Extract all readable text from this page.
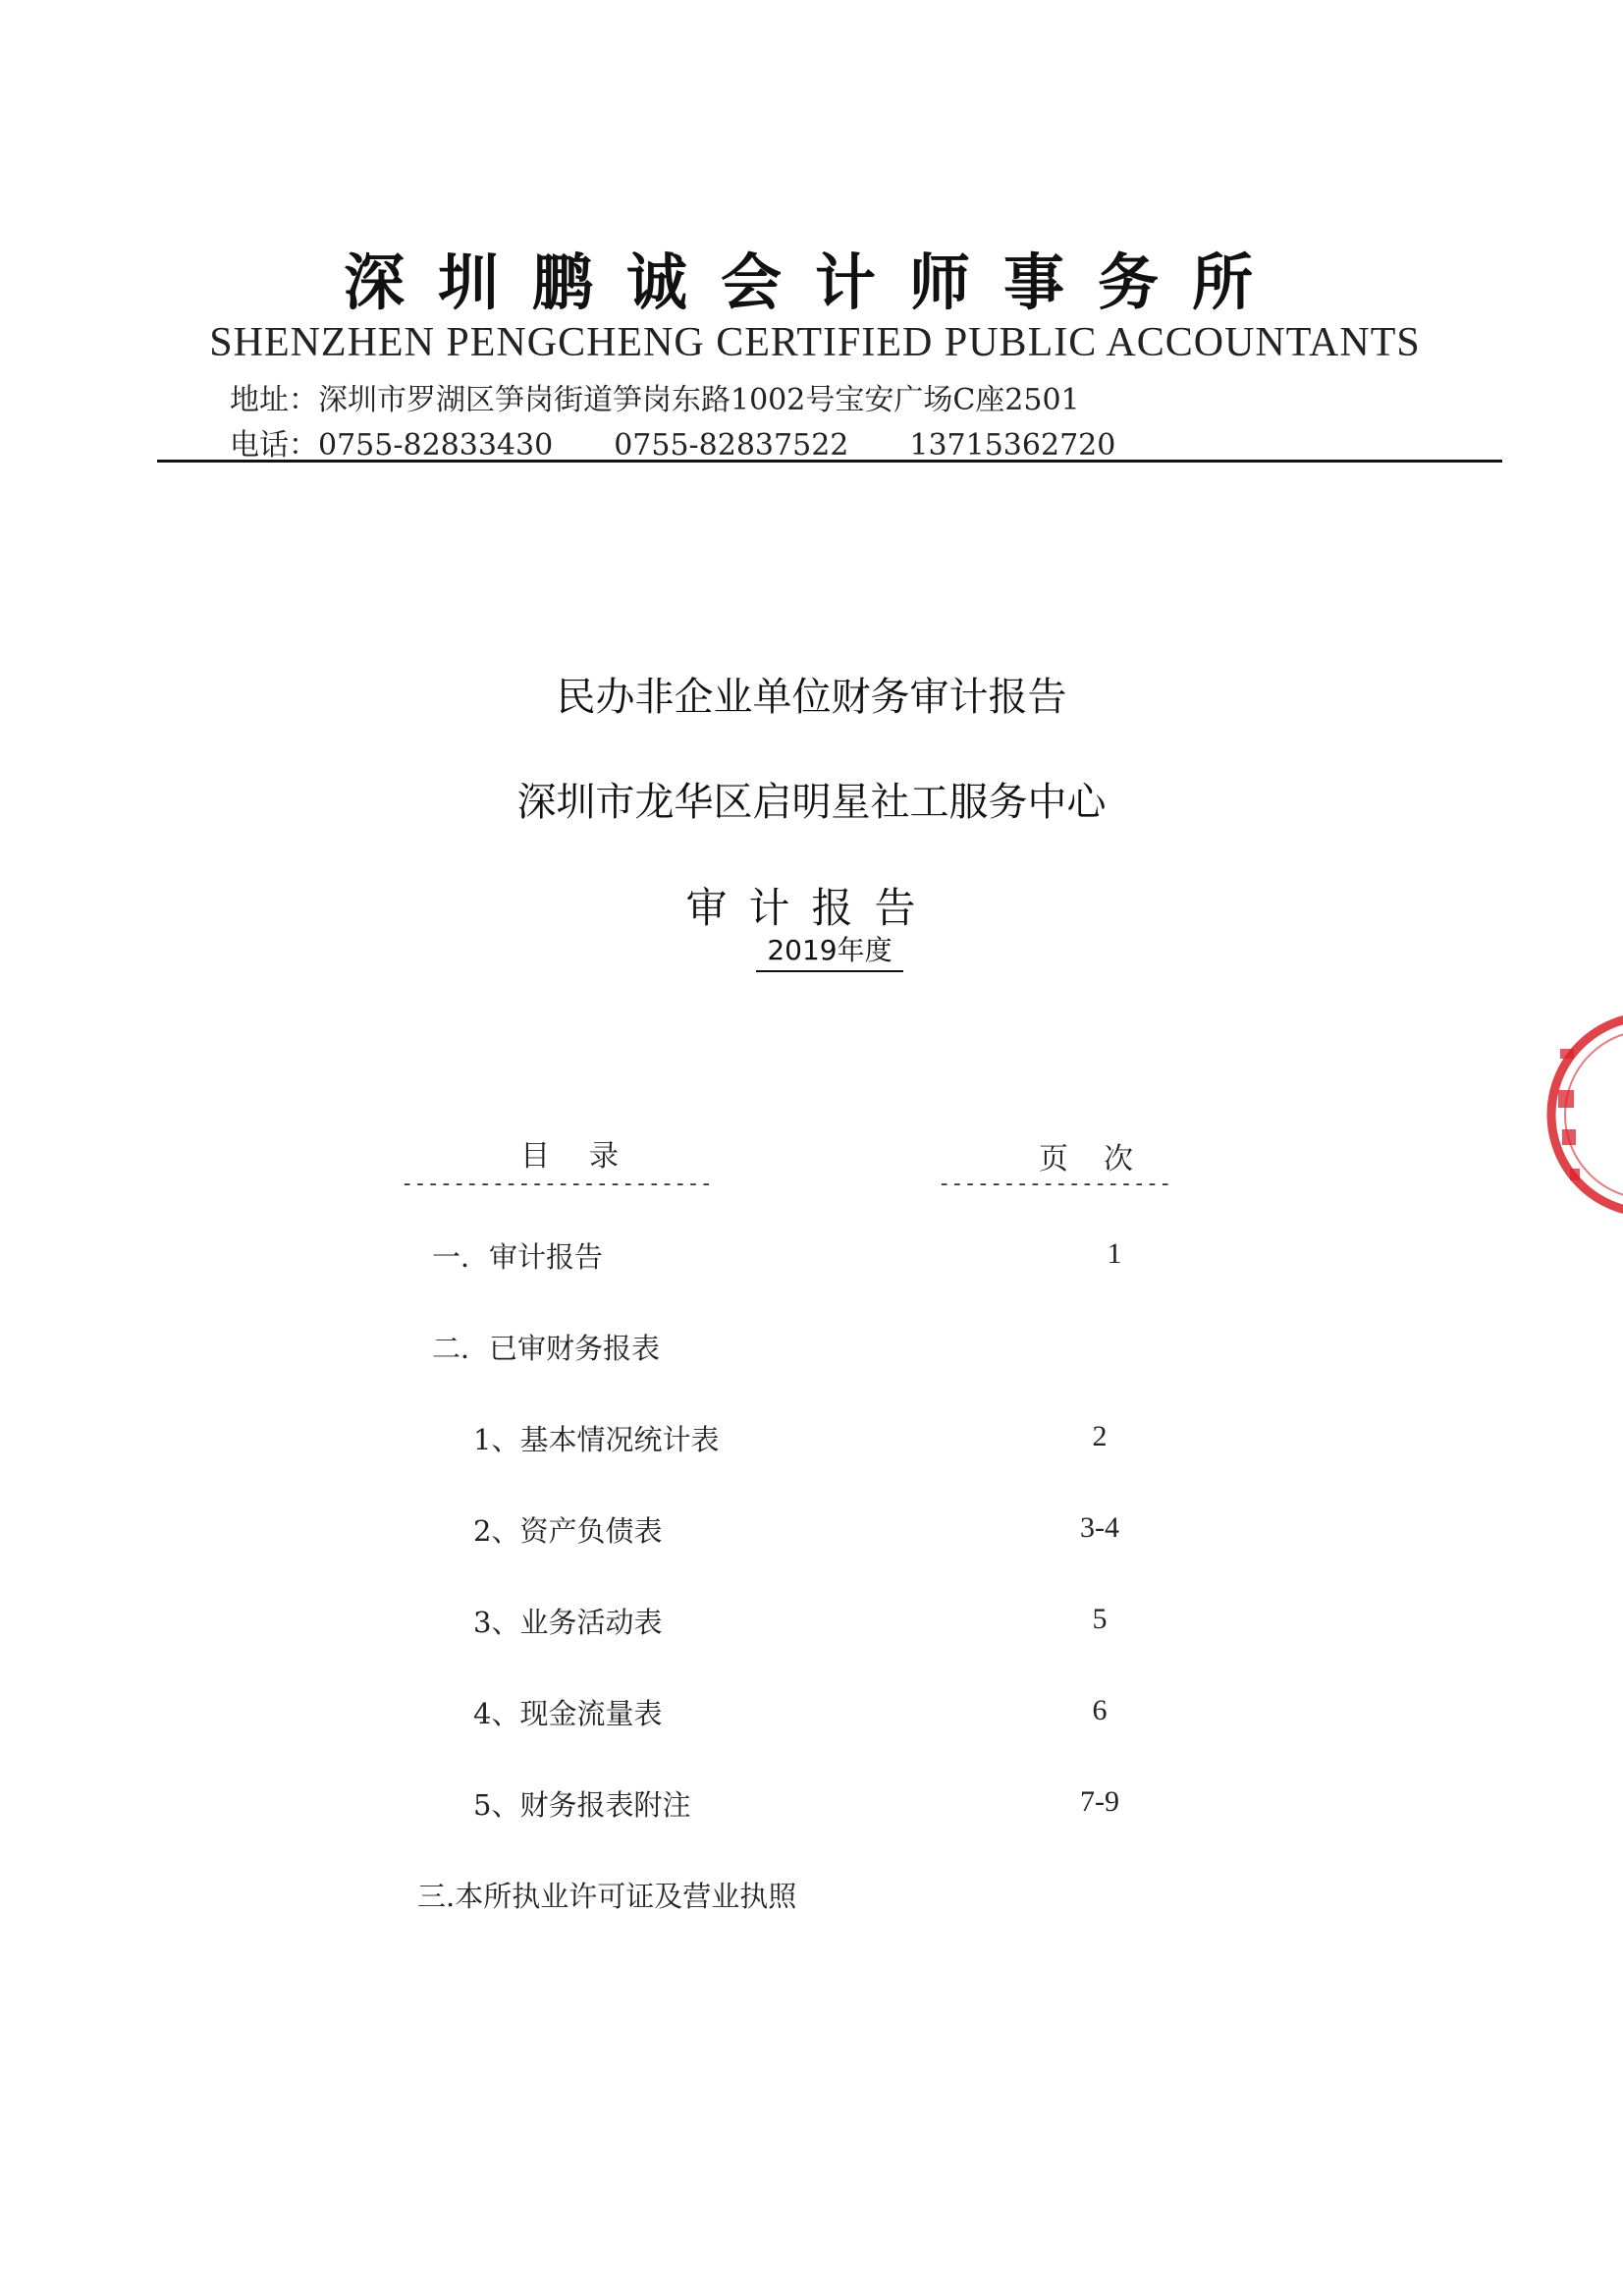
深圳鹏诚会计师事务所
SHENZHEN PENGCHENG CERTIFIED PUBLIC ACCOUNTANTS
地址：深圳市罗湖区笋岗街道笋岗东路1002号宝安广场C座2501
电话：0755-82833430 0755-82837522 13715362720
民办非企业单位财务审计报告
深圳市龙华区启明星社工服务中心
审计报告
2019年度
目录	页次
------------------------	------------------
一．审计报告	1
二．已审财务报表
1、基本情况统计表	2
2、资产负债表	3-4
3、业务活动表	5
4、现金流量表	6
5、财务报表附注	7-9
三.本所执业许可证及营业执照
